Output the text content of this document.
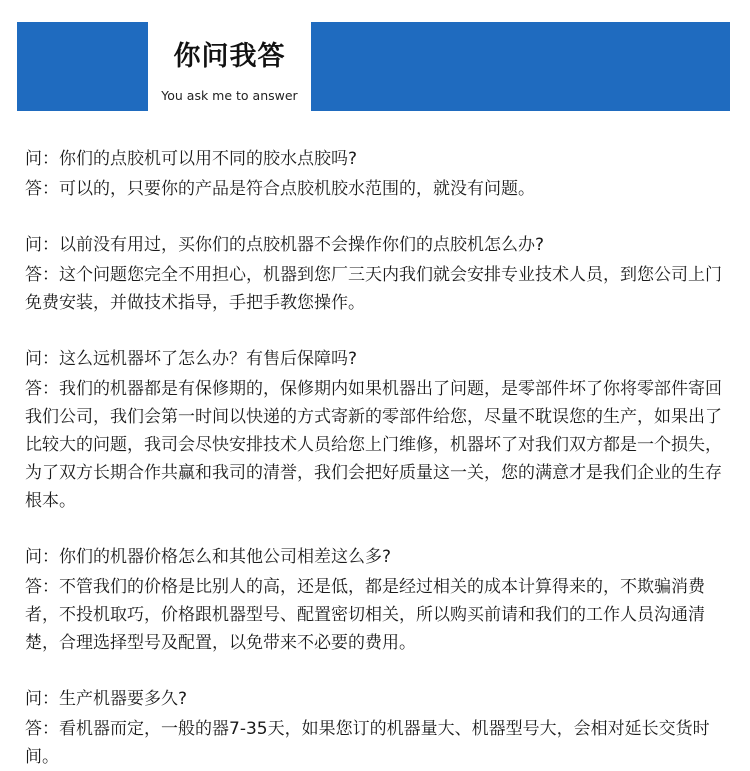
你问我答
You ask me to answer

问：你们的点胶机可以用不同的胶水点胶吗?

答：可以的，只要你的产品是符合点胶机胶水范围的，就没有问题。

问：以前没有用过，买你们的点胶机器不会操作你们的点胶机怎么办?

答：这个问题您完全不用担心，机器到您厂三天内我们就会安排专业技术人员，到您公司上门免费安装，并做技术指导，手把手教您操作。

问：这么远机器坏了怎么办？有售后保障吗?

答：我们的机器都是有保修期的，保修期内如果机器出了问题，是零部件坏了你将零部件寄回我们公司，我们会第一时间以快递的方式寄新的零部件给您，尽量不耽误您的生产，如果出了比较大的问题，我司会尽快安排技术人员给您上门维修，机器坏了对我们双方都是一个损失，为了双方长期合作共赢和我司的清誉，我们会把好质量这一关，您的满意才是我们企业的生存根本。

问：你们的机器价格怎么和其他公司相差这么多?

答：不管我们的价格是比别人的高，还是低，都是经过相关的成本计算得来的，不欺骗消费者，不投机取巧，价格跟机器型号、配置密切相关，所以购买前请和我们的工作人员沟通清楚，合理选择型号及配置，以免带来不必要的费用。

问：生产机器要多久?

答：看机器而定，一般的器7-35天，如果您订的机器量大、机器型号大，会相对延长交货时间。
